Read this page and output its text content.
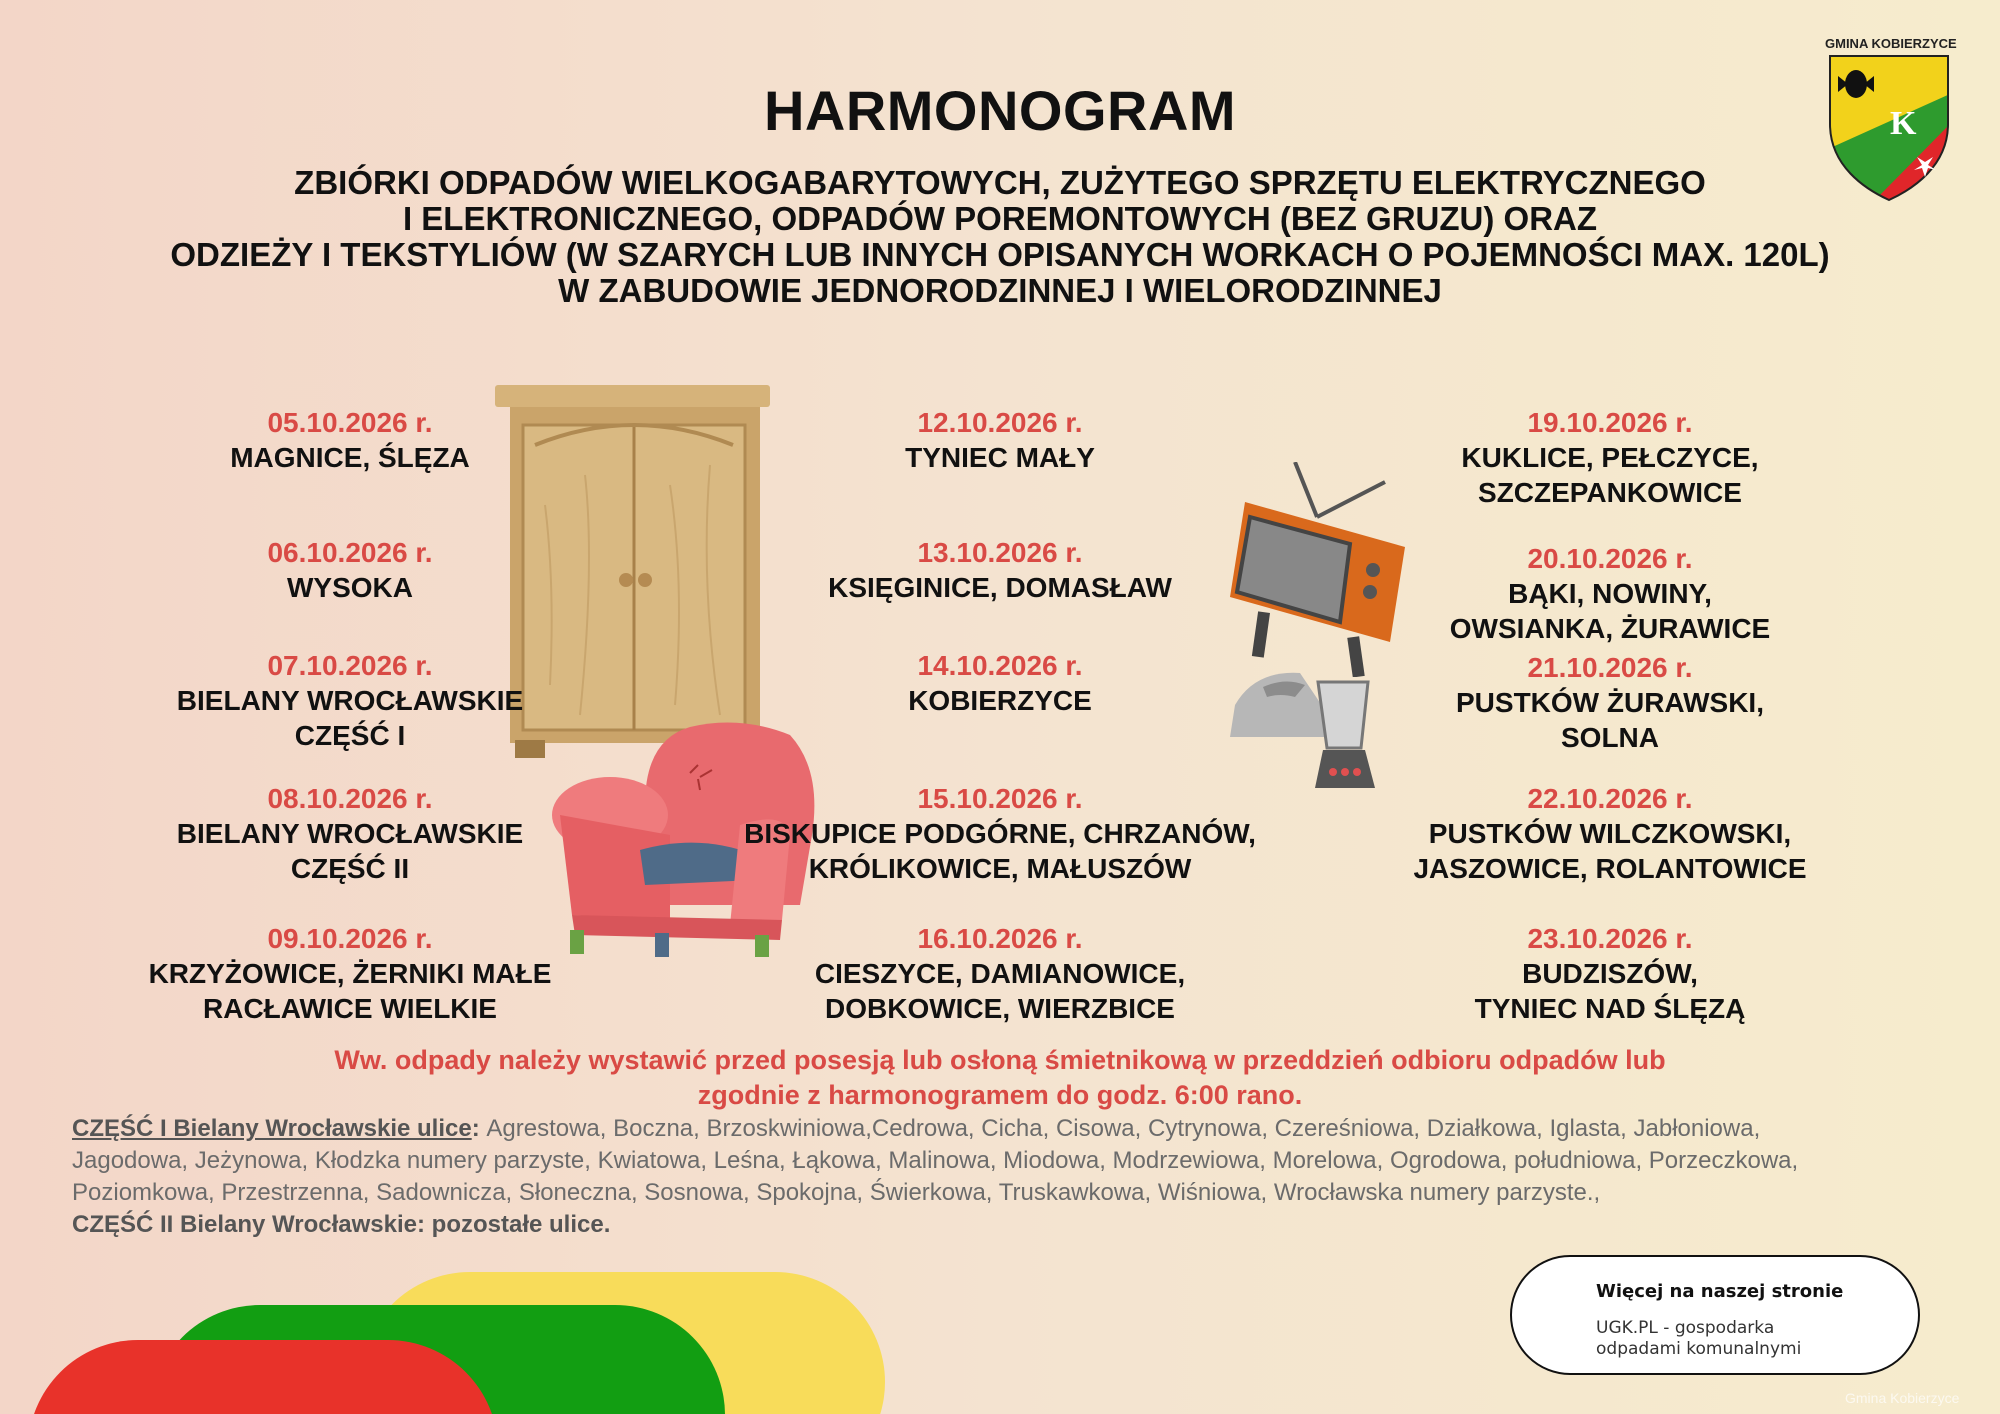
HARMONOGRAM
ZBIÓRKI ODPADÓW WIELKOGABARYTOWYCH, ZUŻYTEGO SPRZĘTU ELEKTRYCZNEGO
I ELEKTRONICZNEGO, ODPADÓW POREMONTOWYCH (BEZ GRUZU) ORAZ
ODZIEŻY I TEKSTYLIÓW (W SZARYCH LUB INNYCH OPISANYCH WORKACH O POJEMNOŚCI MAX. 120L)
W ZABUDOWIE JEDNORODZINNEJ I WIELORODZINNEJ
GMINA KOBIERZYCE
K
05.10.2026 r.
MAGNICE, ŚLĘZA
06.10.2026 r.
WYSOKA
07.10.2026 r.
BIELANY WROCŁAWSKIE
CZĘŚĆ I
08.10.2026 r.
BIELANY WROCŁAWSKIE
CZĘŚĆ II
09.10.2026 r.
KRZYŻOWICE, ŻERNIKI MAŁE
RACŁAWICE WIELKIE
12.10.2026 r.
TYNIEC MAŁY
13.10.2026 r.
KSIĘGINICE, DOMASŁAW
14.10.2026 r.
KOBIERZYCE
15.10.2026 r.
BISKUPICE PODGÓRNE, CHRZANÓW,
KRÓLIKOWICE, MAŁUSZÓW
16.10.2026 r.
CIESZYCE, DAMIANOWICE,
DOBKOWICE, WIERZBICE
19.10.2026 r.
KUKLICE, PEŁCZYCE,
SZCZEPANKOWICE
20.10.2026 r.
BĄKI, NOWINY,
OWSIANKA, ŻURAWICE
21.10.2026 r.
PUSTKÓW ŻURAWSKI,
SOLNA
22.10.2026 r.
PUSTKÓW WILCZKOWSKI,
JASZOWICE, ROLANTOWICE
23.10.2026 r.
BUDZISZÓW,
TYNIEC NAD ŚLĘZĄ
Ww. odpady należy wystawić przed posesją lub osłoną śmietnikową w przeddzień odbioru odpadów lub
zgodnie z harmonogramem do godz. 6:00 rano.
CZĘŚĆ I Bielany Wrocławskie ulice: Agrestowa, Boczna, Brzoskwiniowa,Cedrowa, Cicha, Cisowa, Cytrynowa, Czereśniowa, Działkowa, Iglasta, Jabłoniowa, Jagodowa, Jeżynowa, Kłodzka numery parzyste, Kwiatowa, Leśna, Łąkowa, Malinowa, Miodowa, Modrzewiowa, Morelowa, Ogrodowa, południowa, Porzeczkowa, Poziomkowa, Przestrzenna, Sadownicza, Słoneczna, Sosnowa, Spokojna, Świerkowa, Truskawkowa, Wiśniowa, Wrocławska numery parzyste.,
CZĘŚĆ II Bielany Wrocławskie: pozostałe ulice.
Więcej na naszej stronie
UGK.PL - gospodarka odpadami komunalnymi
Gmina Kobierzyce
